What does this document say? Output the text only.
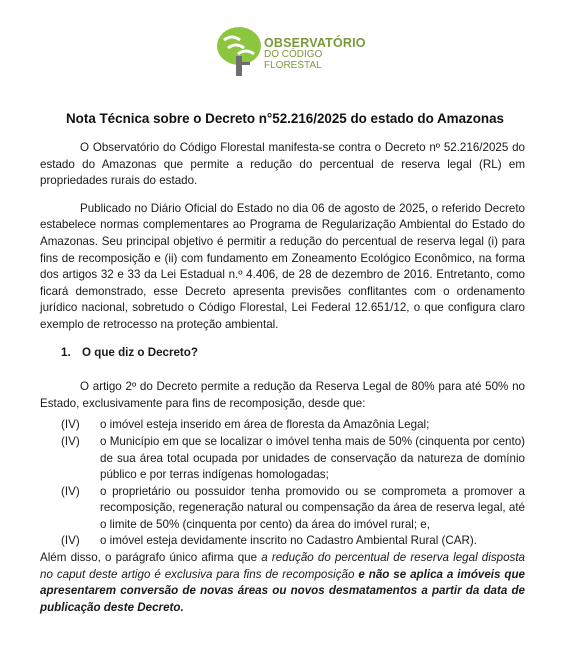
OBSERVATÓRIO
DO CÓDIGO
FLORESTAL
Nota Técnica sobre o Decreto n°52.216/2025 do estado do Amazonas

O Observatório do Código Florestal manifesta-se contra o Decreto nº 52.216/2025 do estado do Amazonas que permite a redução do percentual de reserva legal (RL) em propriedades rurais do estado.

Publicado no Diário Oficial do Estado no dia 06 de agosto de 2025, o referido Decreto estabelece normas complementares ao Programa de Regularização Ambiental do Estado do Amazonas. Seu principal objetivo é permitir a redução do percentual de reserva legal (i) para fins de recomposição e (ii) com fundamento em Zoneamento Ecológico Econômico, na forma dos artigos 32 e 33 da Lei Estadual n.º 4.406, de 28 de dezembro de 2016. Entretanto, como ficará demonstrado, esse Decreto apresenta previsões conflitantes com o ordenamento jurídico nacional, sobretudo o Código Florestal, Lei Federal 12.651/12, o que configura claro exemplo de retrocesso na proteção ambiental.

1. O que diz o Decreto?

O artigo 2º do Decreto permite a redução da Reserva Legal de 80% para até 50% no Estado, exclusivamente para fins de recomposição, desde que:

(IV)	o imóvel esteja inserido em área de floresta da Amazônia Legal;
(IV)	o Município em que se localizar o imóvel tenha mais de 50% (cinquenta por cento) de sua área total ocupada por unidades de conservação da natureza de domínio público e por terras indígenas homologadas;
(IV)	o proprietário ou possuidor tenha promovido ou se comprometa a promover a recomposição, regeneração natural ou compensação da área de reserva legal, até o limite de 50% (cinquenta por cento) da área do imóvel rural; e,
(IV)	o imóvel esteja devidamente inscrito no Cadastro Ambiental Rural (CAR).

Além disso, o parágrafo único afirma que a redução do percentual de reserva legal disposta no caput deste artigo é exclusiva para fins de recomposição e não se aplica a imóveis que apresentarem conversão de novas áreas ou novos desmatamentos a partir da data de publicação deste Decreto.
